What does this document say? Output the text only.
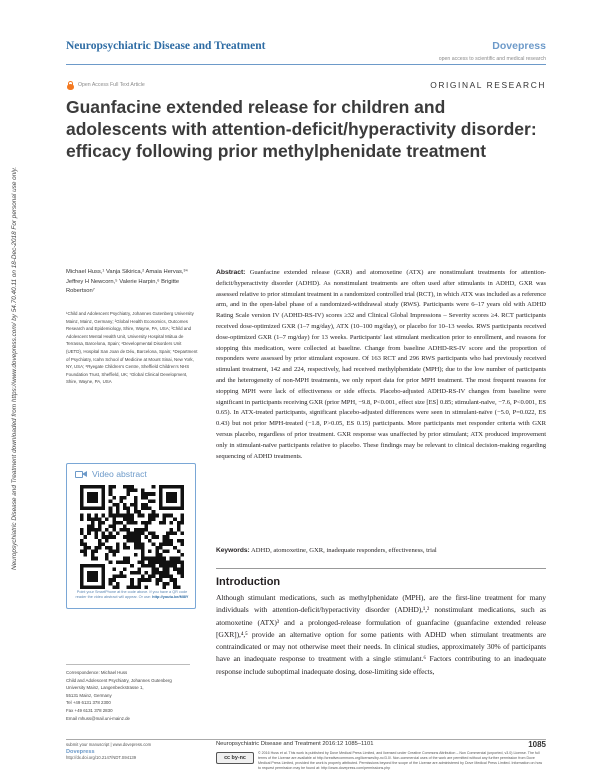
Neuropsychiatric Disease and Treatment downloaded from https://www.dovepress.com/ by 54.70.40.11 on 18-Dec-2018 For personal use only.
Neuropsychiatric Disease and Treatment	Dovepress
open access to scientific and medical research
Open Access Full Text Article	ORIGINAL RESEARCH
Guanfacine extended release for children and adolescents with attention-deficit/hyperactivity disorder: efficacy following prior methylphenidate treatment
Michael Huss,¹ Vanja Sikirica,² Amaia Hervas,³⁴ Jeffrey H Newcorn,⁵ Valerie Harpin,⁶ Brigitte Robertson⁷
¹Child and Adolescent Psychiatry, Johannes Gutenberg University Mainz, Mainz, Germany; ²Global Health Economics, Outcomes Research and Epidemiology, Shire, Wayne, PA, USA; ³Child and Adolescent Mental Health Unit, University Hospital Mútua de Terrassa, Barcelona, Spain; ⁴Developmental Disorders Unit (UETD), Hospital San Joan de Déu, Barcelona, Spain; ⁵Department of Psychiatry, Icahn School of Medicine at Mount Sinai, New York, NY, USA; ⁶Ryegate Children's Centre, Sheffield Children's NHS Foundation Trust, Sheffield, UK; ⁷Global Clinical Development, Shire, Wayne, PA, USA
Video abstract
Point your SmartPhone at the code above. If you have a QR code reader the video abstract will appear. Or use: http://youtu.be/Ml8Y
Correspondence: Michael Huss
Child and Adolescent Psychiatry, Johannes Gutenberg
University Mainz, Langenbeckstrasse 1,
55131 Mainz, Germany
Tel +49 6131 378 2300
Fax +49 6131 378 2830
Email mhuss@mail.uni-mainz.de
Abstract: Guanfacine extended release (GXR) and atomoxetine (ATX) are nonstimulant treatments for attention-deficit/hyperactivity disorder (ADHD). As nonstimulant treatments are often used after stimulants in ADHD, GXR was assessed relative to prior stimulant treatment in a randomized controlled trial (RCT), in which ATX was included as a reference arm, and in the open-label phase of a randomized-withdrawal study (RWS). Participants were 6–17 years old with ADHD Rating Scale version IV (ADHD-RS-IV) scores ≥32 and Clinical Global Impressions – Severity scores ≥4. RCT participants received dose-optimized GXR (1–7 mg/day), ATX (10–100 mg/day), or placebo for 10–13 weeks. RWS participants received dose-optimized GXR (1–7 mg/day) for 13 weeks. Participants' last stimulant medication prior to enrollment, and reasons for stopping this medication, were collected at baseline. Change from baseline ADHD-RS-IV score and the proportion of responders were assessed by prior stimulant exposure. Of 163 RCT and 296 RWS participants who had previously received stimulant treatment, 142 and 224, respectively, had received methylphenidate (MPH); due to the low number of participants and the heterogeneity of non-MPH treatments, we only report data for prior MPH treatment. The most frequent reasons for stopping MPH were lack of effectiveness or side effects. Placebo-adjusted ADHD-RS-IV changes from baseline were significant in participants receiving GXR (prior MPH, −9.8, P<0.001, effect size [ES] 0.85; stimulant-naïve, −7.6, P<0.001, ES 0.65). In ATX-treated participants, significant placebo-adjusted differences were seen in stimulant-naïve (−5.0, P=0.022, ES 0.43) but not prior MPH-treated (−1.8, P>0.05, ES 0.15) participants. More participants met responder criteria with GXR versus placebo, regardless of prior treatment. GXR response was unaffected by prior stimulant; ATX produced improvement only in stimulant-naïve participants relative to placebo. These findings may be relevant to clinical decision-making regarding sequencing of ADHD treatments.
Keywords: ADHD, atomoxetine, GXR, inadequate responders, effectiveness, trial
Introduction

Although stimulant medications, such as methylphenidate (MPH), are the first-line treatment for many individuals with attention-deficit/hyperactivity disorder (ADHD),¹,² nonstimulant medications, such as atomoxetine (ATX)³ and a prolonged-release formulation of guanfacine (guanfacine extended release [GXR]),⁴,⁵ provide an alternative option for some patients with ADHD when stimulant treatments are contraindicated or may not otherwise meet their needs. In clinical studies, approximately 30% of participants have an inadequate response to treatment with a single stimulant.⁶ Factors contributing to an inadequate response include suboptimal inadequate dosing, dose-limiting side effects,

submit your manuscript | www.dovepress.com
Dovepress
http://dx.doi.org/10.2147/NDT.S94139
Neuropsychiatric Disease and Treatment 2016:12 1085–1101	1085
cc by-nc
© 2016 Huss et al. This work is published by Dove Medical Press Limited, and licensed under Creative Commons Attribution – Non Commercial (unported, v3.0) License. The full terms of the License are available at http://creativecommons.org/licenses/by-nc/3.0/. Non-commercial uses of the work are permitted without any further permission from Dove Medical Press Limited, provided the work is properly attributed. Permissions beyond the scope of the License are administered by Dove Medical Press Limited. Information on how to request permission may be found at: http://www.dovepress.com/permissions.php
